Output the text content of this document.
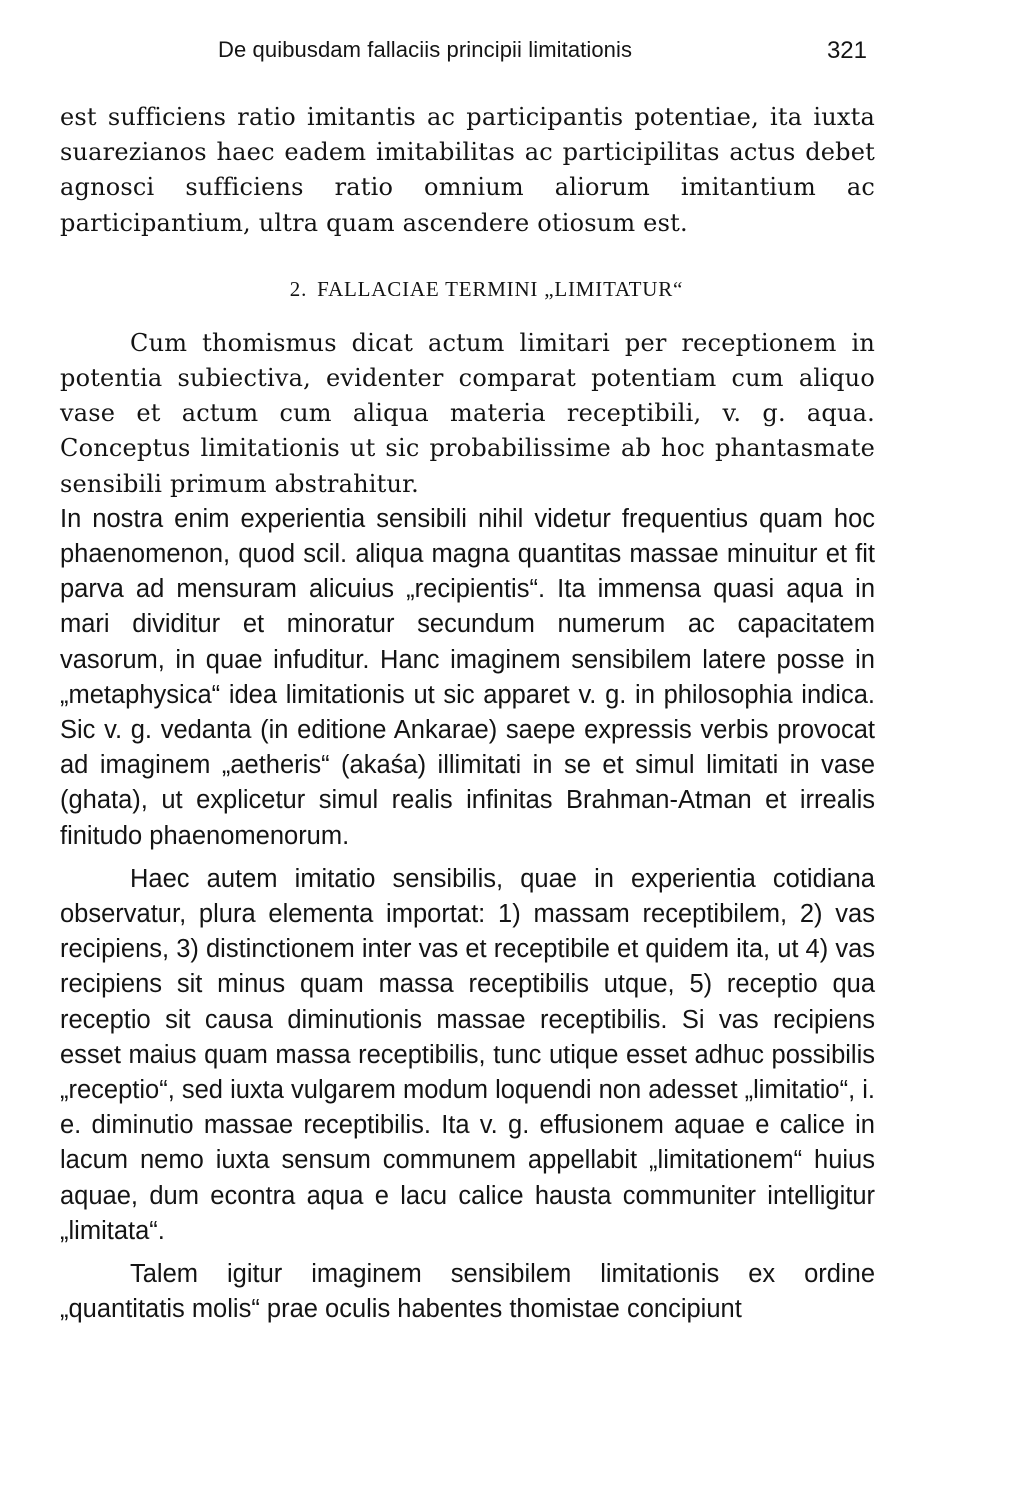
De quibusdam fallaciis principii limitationis	321

est sufficiens ratio imitantis ac participantis potentiae, ita iuxta suarezianos haec eadem imitabilitas ac participilitas actus debet agnosci sufficiens ratio omnium aliorum imitantium ac participantium, ultra quam ascendere otiosum est.

2. FALLACIAE TERMINI „LIMITATUR“

Cum thomismus dicat actum limitari per receptionem in potentia subiectiva, evidenter comparat potentiam cum aliquo vase et actum cum aliqua materia receptibili, v. g. aqua. Conceptus limitationis ut sic probabilissime ab hoc phantasmate sensibili primum abstrahitur.

In nostra enim experientia sensibili nihil videtur frequentius quam hoc phaenomenon, quod scil. aliqua magna quantitas massae minuitur et fit parva ad mensuram alicuius „recipientis“. Ita immensa quasi aqua in mari dividitur et minoratur secundum numerum ac capacitatem vasorum, in quae infuditur. Hanc imaginem sensibilem latere posse in „metaphysica“ idea limitationis ut sic apparet v. g. in philosophia indica. Sic v. g. vedanta (in editione Ankarae) saepe expressis verbis provocat ad imaginem „aetheris“ (akaśa) illimitati in se et simul limitati in vase (ghata), ut explicetur simul realis infinitas Brahman-Atman et irrealis finitudo phaenomenorum.

Haec autem imitatio sensibilis, quae in experientia cotidiana observatur, plura elementa importat: 1) massam receptibilem, 2) vas recipiens, 3) distinctionem inter vas et receptibile et quidem ita, ut 4) vas recipiens sit minus quam massa receptibilis utque, 5) receptio qua receptio sit causa diminutionis massae receptibilis. Si vas recipiens esset maius quam massa receptibilis, tunc utique esset adhuc possibilis „receptio“, sed iuxta vulgarem modum loquendi non adesset „limitatio“, i. e. diminutio massae receptibilis. Ita v. g. effusionem aquae e calice in lacum nemo iuxta sensum communem appellabit „limitationem“ huius aquae, dum econtra aqua e lacu calice hausta communiter intelligitur „limitata“.

Talem igitur imaginem sensibilem limitationis ex ordine „quantitatis molis“ prae oculis habentes thomistae concipiunt
